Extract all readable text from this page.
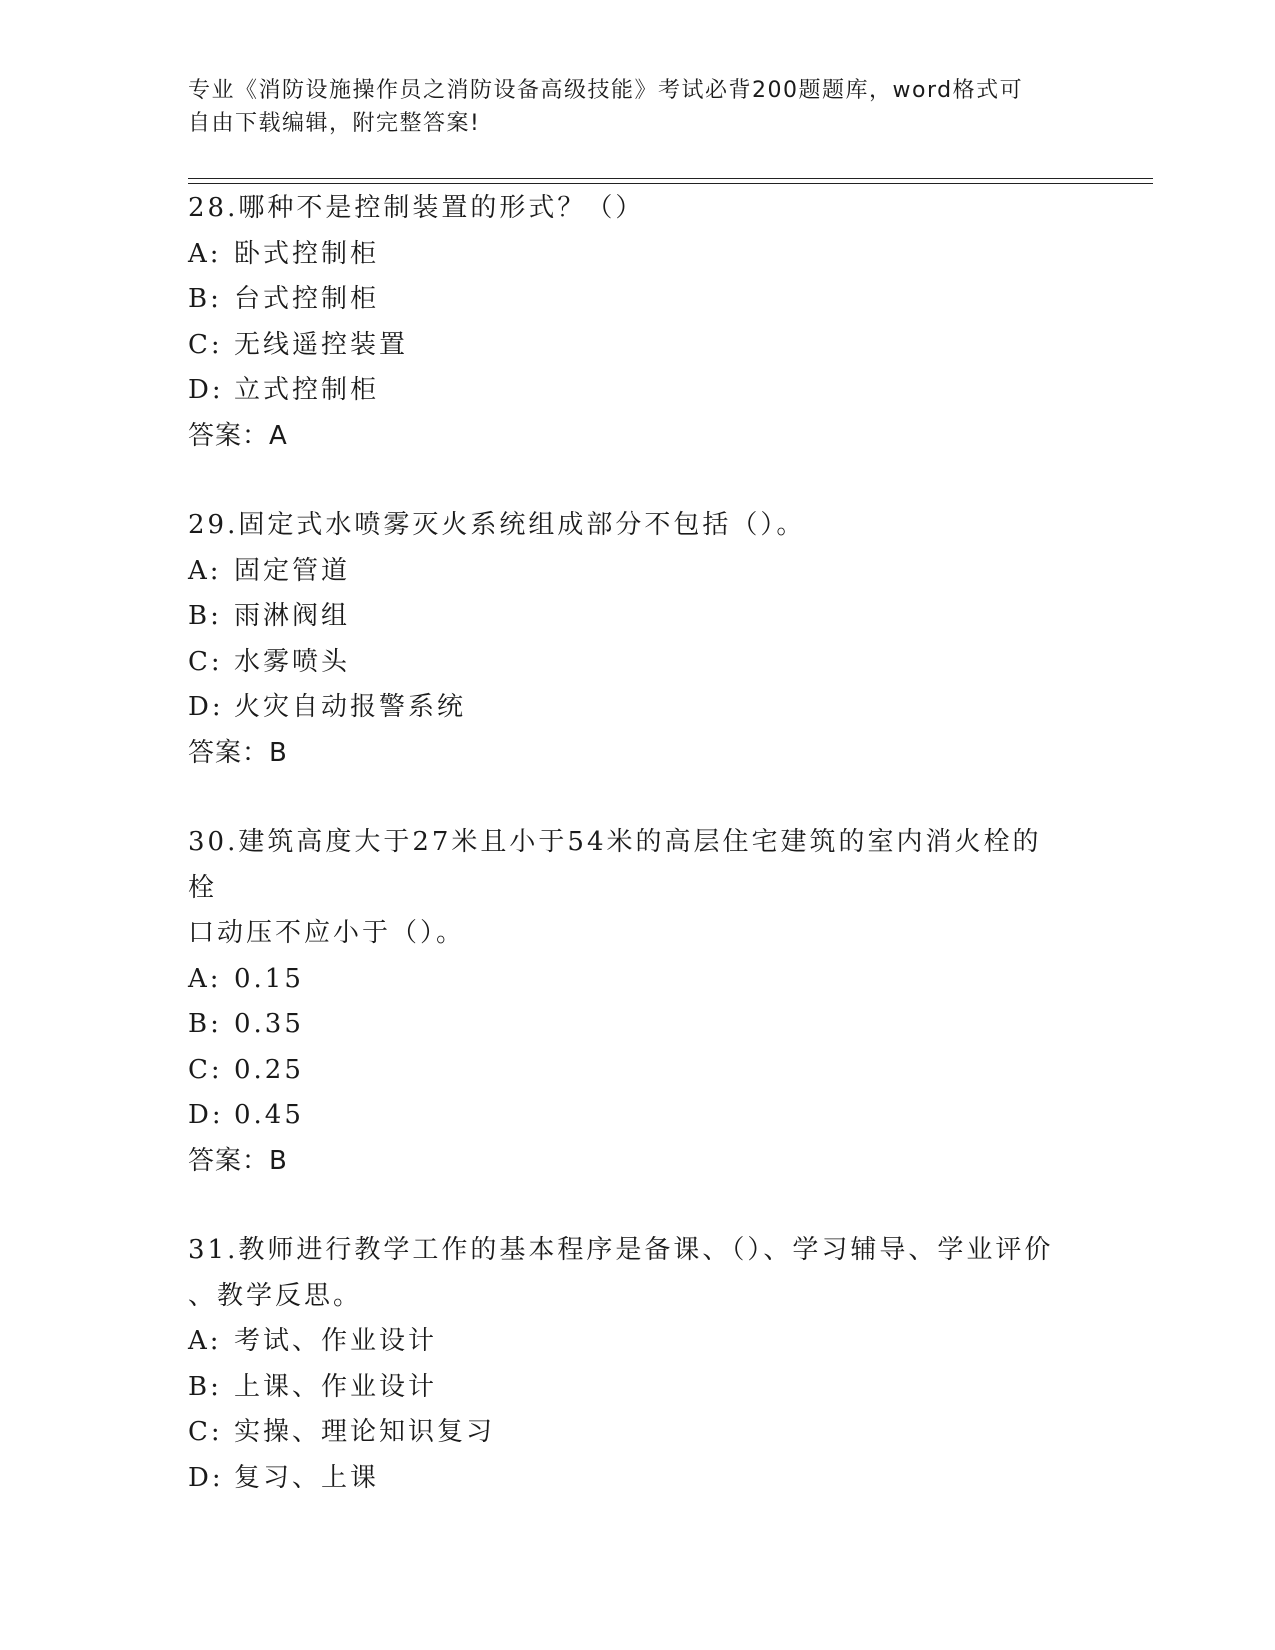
专业《消防设施操作员之消防设备高级技能》考试必背200题题库，word格式可
自由下载编辑，附完整答案!
28.哪种不是控制装置的形式？（）
A: 卧式控制柜
B: 台式控制柜
C: 无线遥控装置
D: 立式控制柜
答案：A
29.固定式水喷雾灭火系统组成部分不包括（）。
A: 固定管道
B: 雨淋阀组
C: 水雾喷头
D: 火灾自动报警系统
答案：B
30.建筑高度大于27米且小于54米的高层住宅建筑的室内消火栓的栓
口动压不应小于（）。
A: 0.15
B: 0.35
C: 0.25
D: 0.45
答案：B
31.教师进行教学工作的基本程序是备课、（）、学习辅导、学业评价
、教学反思。
A: 考试、作业设计
B: 上课、作业设计
C: 实操、理论知识复习
D: 复习、上课
